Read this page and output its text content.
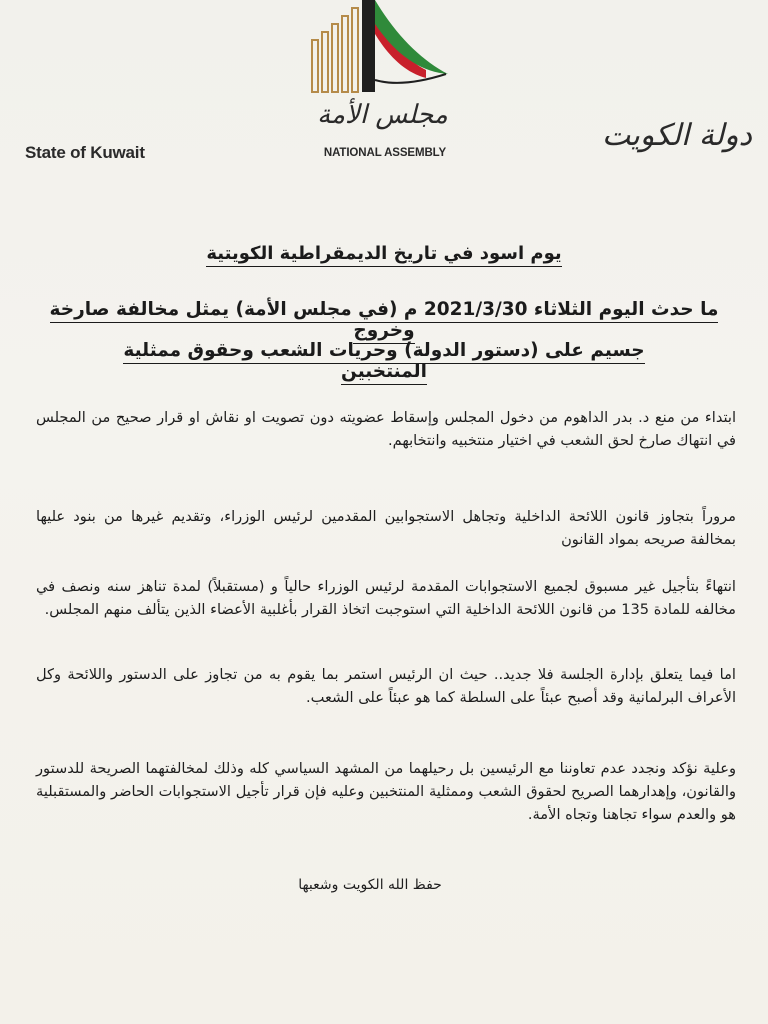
State of Kuwait
مجلس الأمة
NATIONAL ASSEMBLY	دولة الكويت
يوم اسود في تاريخ الديمقراطية الكويتية
ما حدث اليوم الثلاثاء 2021/3/30 م (في مجلس الأمة) يمثل مخالفة صارخة وخروج
جسيم على (دستور الدولة) وحريات الشعب وحقوق ممثلية المنتخبين

ابتداء من منع د. بدر الداهوم من دخول المجلس وإسقاط عضويته دون تصويت او نقاش او قرار صحيح من المجلس في انتهاك صارخ لحق الشعب في اختيار منتخبيه وانتخابهم.

مروراً بتجاوز قانون اللائحة الداخلية وتجاهل الاستجوابين المقدمين لرئيس الوزراء، وتقديم غيرها من بنود عليها بمخالفة صريحه بمواد القانون

انتهاءً بتأجيل غير مسبوق لجميع الاستجوابات المقدمة لرئيس الوزراء حالياً و (مستقبلاً) لمدة تناهز سنه ونصف في مخالفه للمادة 135 من قانون اللائحة الداخلية التي استوجبت اتخاذ القرار بأغلبية الأعضاء الذين يتألف منهم المجلس.

اما فيما يتعلق بإدارة الجلسة فلا جديد.. حيث ان الرئيس استمر بما يقوم به من تجاوز على الدستور واللائحة وكل الأعراف البرلمانية وقد أصبح عبئاً على السلطة كما هو عبئاً على الشعب.

وعلية نؤكد ونجدد عدم تعاوننا مع الرئيسين بل رحيلهما من المشهد السياسي كله وذلك لمخالفتهما الصريحة للدستور والقانون، وإهدارهما الصريح لحقوق الشعب وممثلية المنتخبين وعليه فإن قرار تأجيل الاستجوابات الحاضر والمستقبلية هو والعدم سواء تجاهنا وتجاه الأمة.

حفظ الله الكويت وشعبها
